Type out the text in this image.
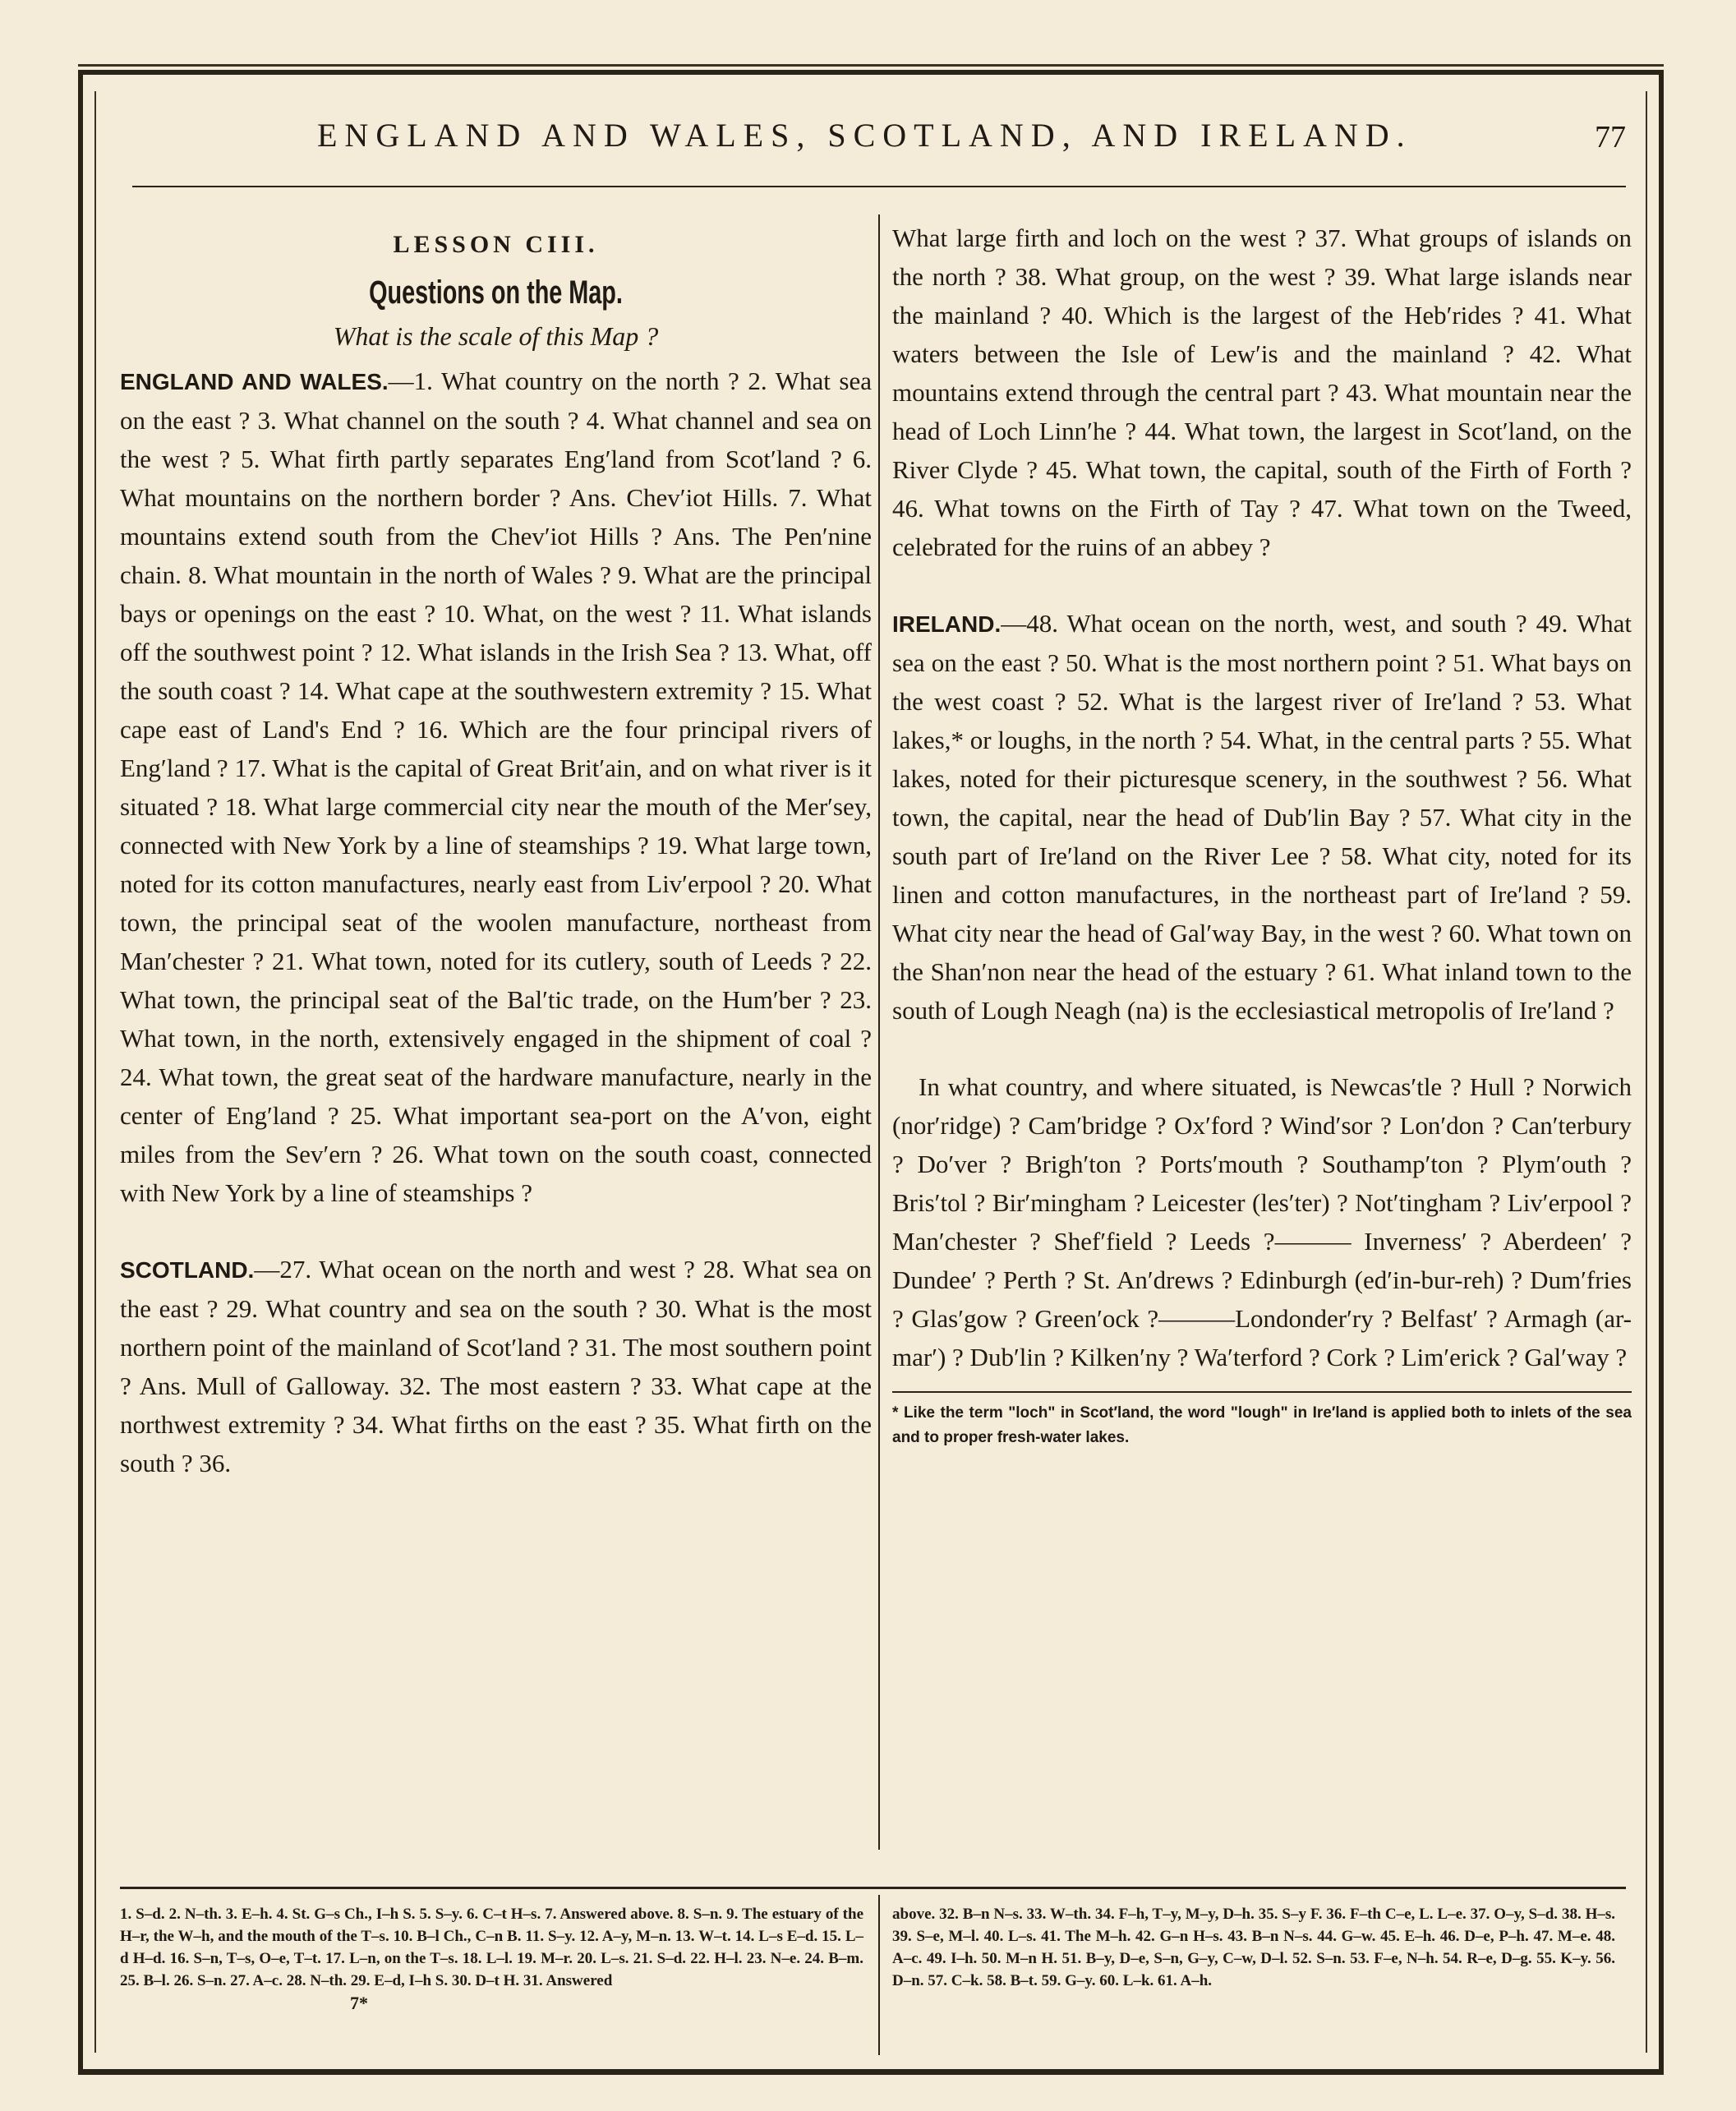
ENGLAND AND WALES, SCOTLAND, AND IRELAND.	77
LESSON CIII.
Questions on the Map.
What is the scale of this Map ?

ENGLAND AND WALES.—1. What country on the north ? 2. What sea on the east ? 3. What channel on the south ? 4. What channel and sea on the west ? 5. What firth partly separates Eng′land from Scot′land ? 6. What mountains on the northern border ? Ans. Chev′iot Hills. 7. What mountains extend south from the Chev′iot Hills ? Ans. The Pen′nine chain. 8. What mountain in the north of Wales ? 9. What are the principal bays or openings on the east ? 10. What, on the west ? 11. What islands off the southwest point ? 12. What islands in the Irish Sea ? 13. What, off the south coast ? 14. What cape at the southwestern extremity ? 15. What cape east of Land's End ? 16. Which are the four principal rivers of Eng′land ? 17. What is the capital of Great Brit′ain, and on what river is it situated ? 18. What large commercial city near the mouth of the Mer′sey, connected with New York by a line of steamships ? 19. What large town, noted for its cotton manufactures, nearly east from Liv′erpool ? 20. What town, the principal seat of the woolen manufacture, northeast from Man′chester ? 21. What town, noted for its cutlery, south of Leeds ? 22. What town, the principal seat of the Bal′tic trade, on the Hum′ber ? 23. What town, in the north, extensively engaged in the shipment of coal ? 24. What town, the great seat of the hardware manufacture, nearly in the center of Eng′land ? 25. What important sea-port on the A′von, eight miles from the Sev′ern ? 26. What town on the south coast, connected with New York by a line of steamships ?

SCOTLAND.—27. What ocean on the north and west ? 28. What sea on the east ? 29. What country and sea on the south ? 30. What is the most northern point of the mainland of Scot′land ? 31. The most southern point ? Ans. Mull of Galloway. 32. The most eastern ? 33. What cape at the northwest extremity ? 34. What firths on the east ? 35. What firth on the south ? 36.

What large firth and loch on the west ? 37. What groups of islands on the north ? 38. What group, on the west ? 39. What large islands near the mainland ? 40. Which is the largest of the Heb′rides ? 41. What waters between the Isle of Lew′is and the mainland ? 42. What mountains extend through the central part ? 43. What mountain near the head of Loch Linn′he ? 44. What town, the largest in Scot′land, on the River Clyde ? 45. What town, the capital, south of the Firth of Forth ? 46. What towns on the Firth of Tay ? 47. What town on the Tweed, celebrated for the ruins of an abbey ?

IRELAND.—48. What ocean on the north, west, and south ? 49. What sea on the east ? 50. What is the most northern point ? 51. What bays on the west coast ? 52. What is the largest river of Ire′land ? 53. What lakes,* or loughs, in the north ? 54. What, in the central parts ? 55. What lakes, noted for their picturesque scenery, in the southwest ? 56. What town, the capital, near the head of Dub′lin Bay ? 57. What city in the south part of Ire′land on the River Lee ? 58. What city, noted for its linen and cotton manufactures, in the northeast part of Ire′land ? 59. What city near the head of Gal′way Bay, in the west ? 60. What town on the Shan′non near the head of the estuary ? 61. What inland town to the south of Lough Neagh (na) is the ecclesiastical metropolis of Ire′land ?

In what country, and where situated, is Newcas′tle ? Hull ? Norwich (nor′ridge) ? Cam′bridge ? Ox′ford ? Wind′sor ? Lon′don ? Can′terbury ? Do′ver ? Brigh′ton ? Ports′mouth ? Southamp′ton ? Plym′outh ? Bris′tol ? Bir′mingham ? Leicester (les′ter) ? Not′tingham ? Liv′erpool ? Man′chester ? Shef′field ? Leeds ?——— Inverness′ ? Aberdeen′ ? Dundee′ ? Perth ? St. An′drews ? Edinburgh (ed′in-bur-reh) ? Dum′fries ? Glas′gow ? Green′ock ?———Londonder′ry ? Belfast′ ? Armagh (ar-mar′) ? Dub′lin ? Kilken′ny ? Wa′terford ? Cork ? Lim′erick ? Gal′way ?

* Like the term "loch" in Scot′land, the word "lough" in Ire′land is applied both to inlets of the sea and to proper fresh-water lakes.

1. S–d. 2. N–th. 3. E–h. 4. St. G–s Ch., I–h S. 5. S–y. 6. C–t H–s. 7. Answered above. 8. S–n. 9. The estuary of the H–r, the W–h, and the mouth of the T–s. 10. B–l Ch., C–n B. 11. S–y. 12. A–y, M–n. 13. W–t. 14. L–s E–d. 15. L–d H–d. 16. S–n, T–s, O–e, T–t. 17. L–n, on the T–s. 18. L–l. 19. M–r. 20. L–s. 21. S–d. 22. H–l. 23. N–e. 24. B–m. 25. B–l. 26. S–n. 27. A–c. 28. N–th. 29. E–d, I–h S. 30. D–t H. 31. Answered
7*
above. 32. B–n N–s. 33. W–th. 34. F–h, T–y, M–y, D–h. 35. S–y F. 36. F–th C–e, L. L–e. 37. O–y, S–d. 38. H–s. 39. S–e, M–l. 40. L–s. 41. The M–h. 42. G–n H–s. 43. B–n N–s. 44. G–w. 45. E–h. 46. D–e, P–h. 47. M–e. 48. A–c. 49. I–h. 50. M–n H. 51. B–y, D–e, S–n, G–y, C–w, D–l. 52. S–n. 53. F–e, N–h. 54. R–e, D–g. 55. K–y. 56. D–n. 57. C–k. 58. B–t. 59. G–y. 60. L–k. 61. A–h.
